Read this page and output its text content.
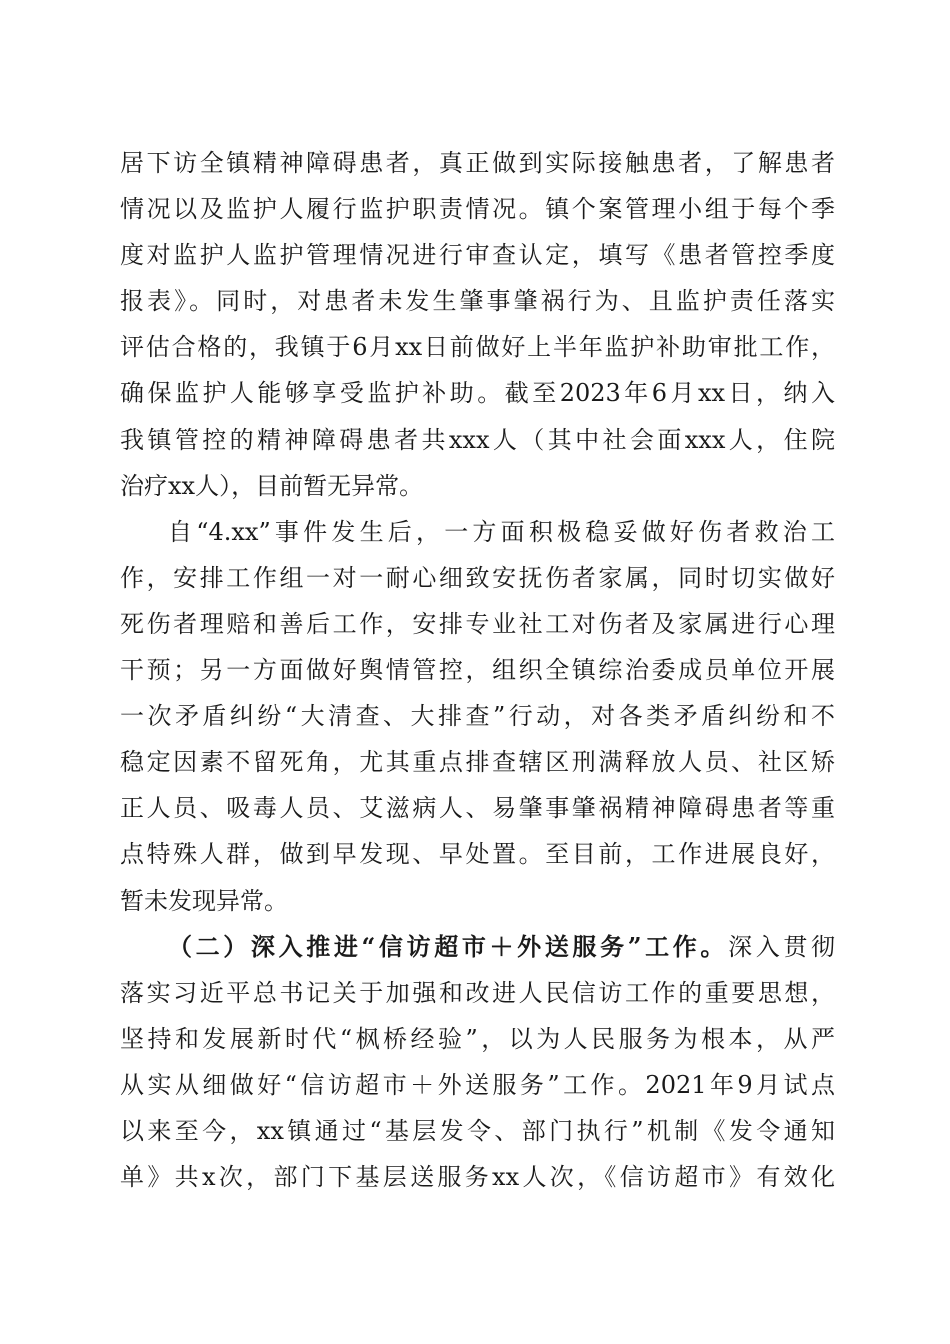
居下访全镇精神障碍患者，真正做到实际接触患者，了解患者
情况以及监护人履行监护职责情况。镇个案管理小组于每个季
度对监护人监护管理情况进行审查认定，填写《患者管控季度
报表》。同时，对患者未发生肇事肇祸行为、且监护责任落实
评估合格的，我镇于6月xx日前做好上半年监护补助审批工作，
确保监护人能够享受监护补助。截至2023年6月xx日，纳入
我镇管控的精神障碍患者共xxx人（其中社会面xxx人，住院
治疗xx人），目前暂无异常。
自“4.xx”事件发生后，一方面积极稳妥做好伤者救治工
作，安排工作组一对一耐心细致安抚伤者家属，同时切实做好
死伤者理赔和善后工作，安排专业社工对伤者及家属进行心理
干预；另一方面做好舆情管控，组织全镇综治委成员单位开展
一次矛盾纠纷“大清查、大排查”行动，对各类矛盾纠纷和不
稳定因素不留死角，尤其重点排查辖区刑满释放人员、社区矫
正人员、吸毒人员、艾滋病人、易肇事肇祸精神障碍患者等重
点特殊人群，做到早发现、早处置。至目前，工作进展良好，
暂未发现异常。
（二）深入推进“信访超市＋外送服务”工作。深入贯彻
落实习近平总书记关于加强和改进人民信访工作的重要思想，
坚持和发展新时代“枫桥经验”，以为人民服务为根本，从严
从实从细做好“信访超市＋外送服务”工作。2021年9月试点
以来至今，xx镇通过“基层发令、部门执行”机制《发令通知
单》共x次，部门下基层送服务xx人次，《信访超市》有效化
